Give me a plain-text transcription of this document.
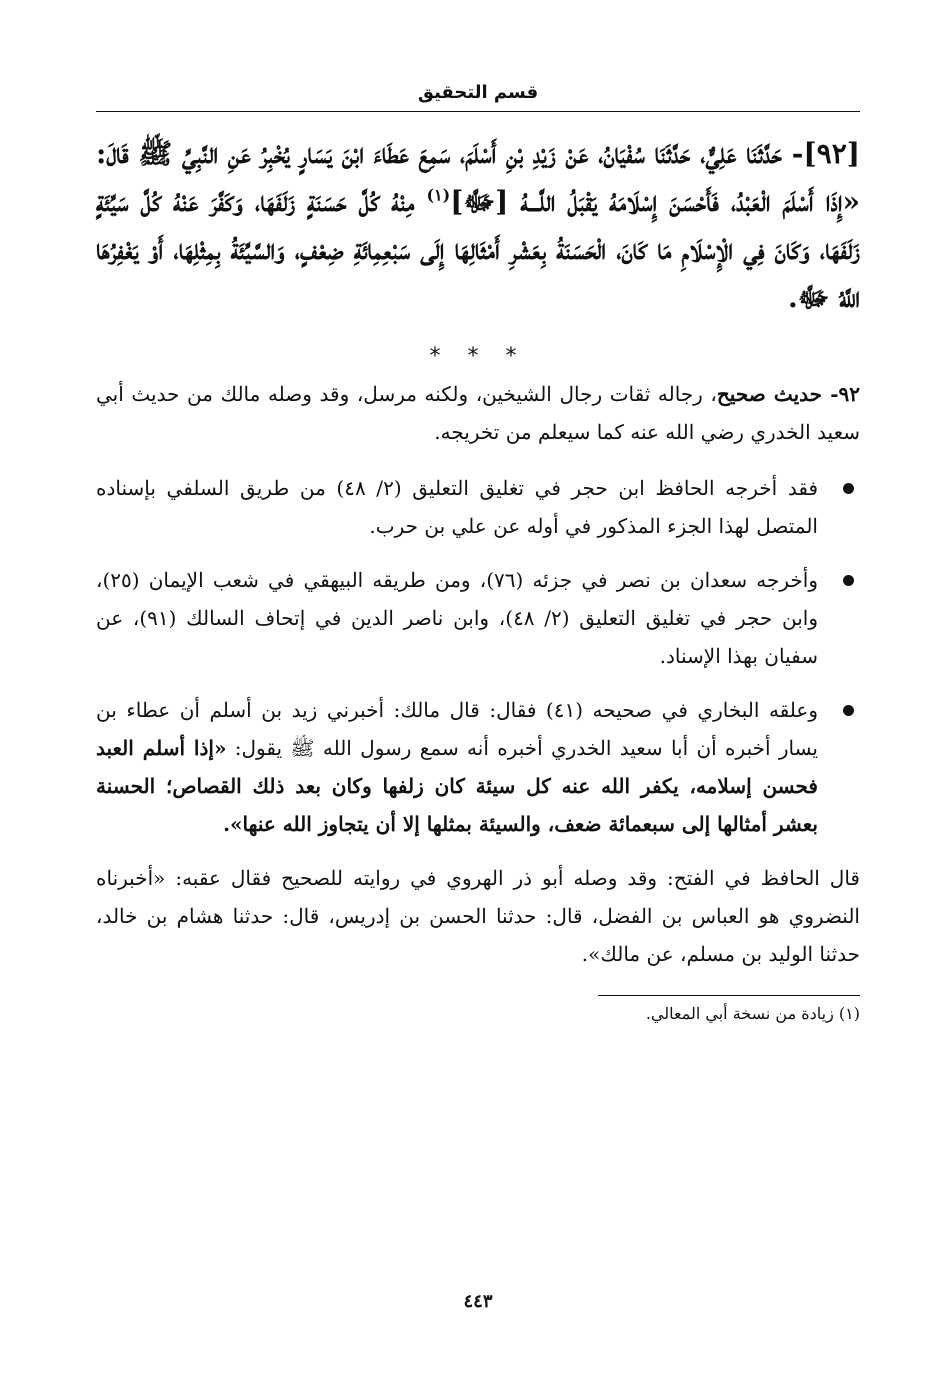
قسم التحقيق

[٩٢]- حَدَّثَنَا عَلِيٌّ، حَدَّثَنَا سُفْيَانُ، عَنْ زَيْدِ بْنِ أَسْلَمَ، سَمِعَ عَطَاءَ ابْنَ يَسَارٍ يُخْبِرُ عَنِ النَّبِيِّ ﷺ قَالَ: «إِذَا أَسْلَمَ الْعَبْدُ، فَأَحْسَنَ إِسْلَامَهُ يَقْبَلُ اللَّـــهُ [ﷻ]$^{(١)}$ مِنْهُ كُلَّ حَسَنَةٍ زَلَفَهَا، وَكَفَّرَ عَنْهُ كُلَّ سَيِّئَةٍ زَلَفَهَا، وَكَانَ فِي الْإِسْلَامِ مَا كَانَ، الْحَسَنَةُ بِعَشْرِ أَمْثَالِهَا إِلَى سَبْعِمِائَةِ ضِعْفٍ، وَالسَّيِّئَةُ بِمِثْلِهَا، أَوْ يَغْفِرُهَا اللَّهُ ﷻ.

* * *

٩٢- حديث صحيح، رجاله ثقات رجال الشيخين، ولكنه مرسل، وقد وصله مالك من حديث أبي سعيد الخدري رضي الله عنه كما سيعلم من تخريجه.

فقد أخرجه الحافظ ابن حجر في تغليق التعليق (٢/ ٤٨) من طريق السلفي بإسناده المتصل لهذا الجزء المذكور في أوله عن علي بن حرب.
وأخرجه سعدان بن نصر في جزئه (٧٦)، ومن طريقه البيهقي في شعب الإيمان (٢٥)، وابن حجر في تغليق التعليق (٢/ ٤٨)، وابن ناصر الدين في إتحاف السالك (٩١)، عن سفيان بهذا الإسناد.
وعلقه البخاري في صحيحه (٤١) فقال: قال مالك: أخبرني زيد بن أسلم أن عطاء بن يسار أخبره أن أبا سعيد الخدري أخبره أنه سمع رسول الله ﷺ يقول: «إذا أسلم العبد فحسن إسلامه، يكفر الله عنه كل سيئة كان زلفها وكان بعد ذلك القصاص؛ الحسنة بعشر أمثالها إلى سبعمائة ضعف، والسيئة بمثلها إلا أن يتجاوز الله عنها».

قال الحافظ في الفتح: وقد وصله أبو ذر الهروي في روايته للصحيح فقال عقبه: «أخبرناه النضروي هو العباس بن الفضل، قال: حدثنا الحسن بن إدريس، قال: حدثنا هشام بن خالد، حدثنا الوليد بن مسلم، عن مالك».

(١) زيادة من نسخة أبي المعالي.

٤٤٣
